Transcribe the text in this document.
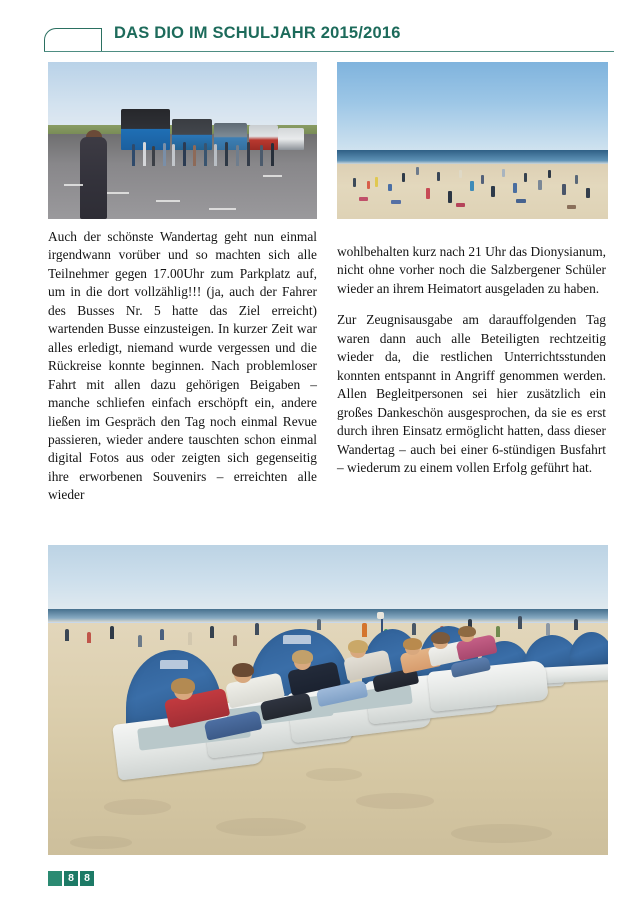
DAS DIO IM SCHULJAHR 2015/2016

Auch der schönste Wandertag geht nun einmal irgendwann vorüber und so machten sich alle Teilnehmer gegen 17.00Uhr zum Parkplatz auf, um in die dort vollzählig!!! (ja, auch der Fahrer des Busses Nr. 5 hatte das Ziel erreicht) wartenden Busse einzusteigen. In kurzer Zeit war alles erledigt, niemand wurde vergessen und die Rückreise konnte beginnen. Nach problemloser Fahrt mit allen dazu gehörigen Beigaben – manche schliefen einfach erschöpft ein, andere ließen im Gespräch den Tag noch einmal Revue passieren, wieder andere tauschten schon einmal digital Fotos aus oder zeigten sich gegenseitig ihre erworbenen Souvenirs – erreichten alle wieder

wohlbehalten kurz nach 21 Uhr das Dionysianum, nicht ohne vorher noch die Salzbergener Schüler wieder an ihrem Heimatort ausgeladen zu haben.

Zur Zeugnisausgabe am darauffolgenden Tag waren dann auch alle Beteiligten rechtzeitig wieder da, die restlichen Unterrichtsstunden konnten entspannt in Angriff genommen werden. Allen Begleitpersonen sei hier zusätzlich ein großes Dankeschön ausgesprochen, da sie es erst durch ihren Einsatz ermöglicht hatten, dass dieser Wandertag – auch bei einer 6-stündigen Busfahrt – wiederum zu einem vollen Erfolg geführt hat.

8 8
